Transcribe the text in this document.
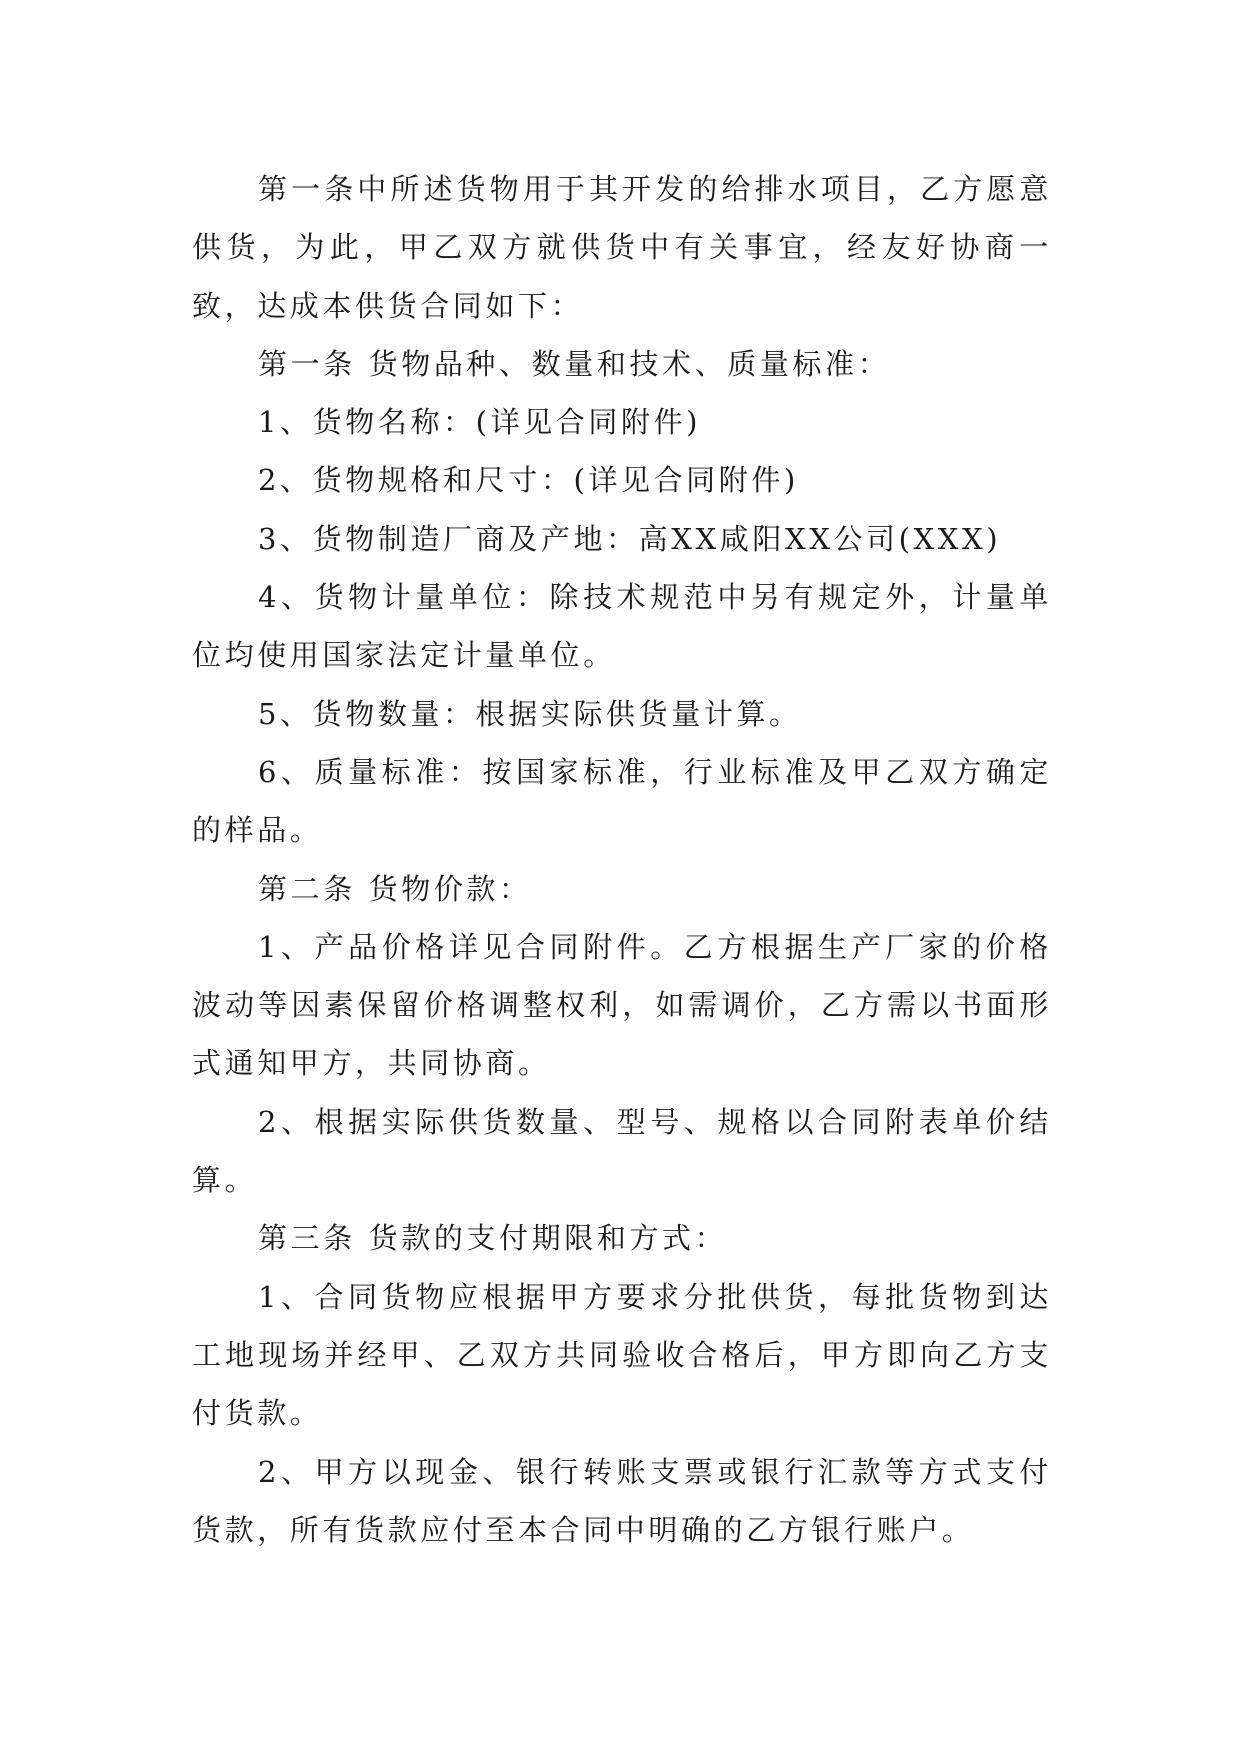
第一条中所述货物用于其开发的给排水项目，乙方愿意供货，为此，甲乙双方就供货中有关事宜，经友好协商一致，达成本供货合同如下：

第一条 货物品种、数量和技术、质量标准：

1、货物名称：(详见合同附件)

2、货物规格和尺寸：(详见合同附件)

3、货物制造厂商及产地：高XX咸阳XX公司(XXX)

4、货物计量单位：除技术规范中另有规定外，计量单位均使用国家法定计量单位。

5、货物数量：根据实际供货量计算。

6、质量标准：按国家标准，行业标准及甲乙双方确定的样品。

第二条 货物价款：

1、产品价格详见合同附件。乙方根据生产厂家的价格波动等因素保留价格调整权利，如需调价，乙方需以书面形式通知甲方，共同协商。

2、根据实际供货数量、型号、规格以合同附表单价结算。

第三条 货款的支付期限和方式：

1、合同货物应根据甲方要求分批供货，每批货物到达工地现场并经甲、乙双方共同验收合格后，甲方即向乙方支付货款。

2、甲方以现金、银行转账支票或银行汇款等方式支付货款，所有货款应付至本合同中明确的乙方银行账户。
